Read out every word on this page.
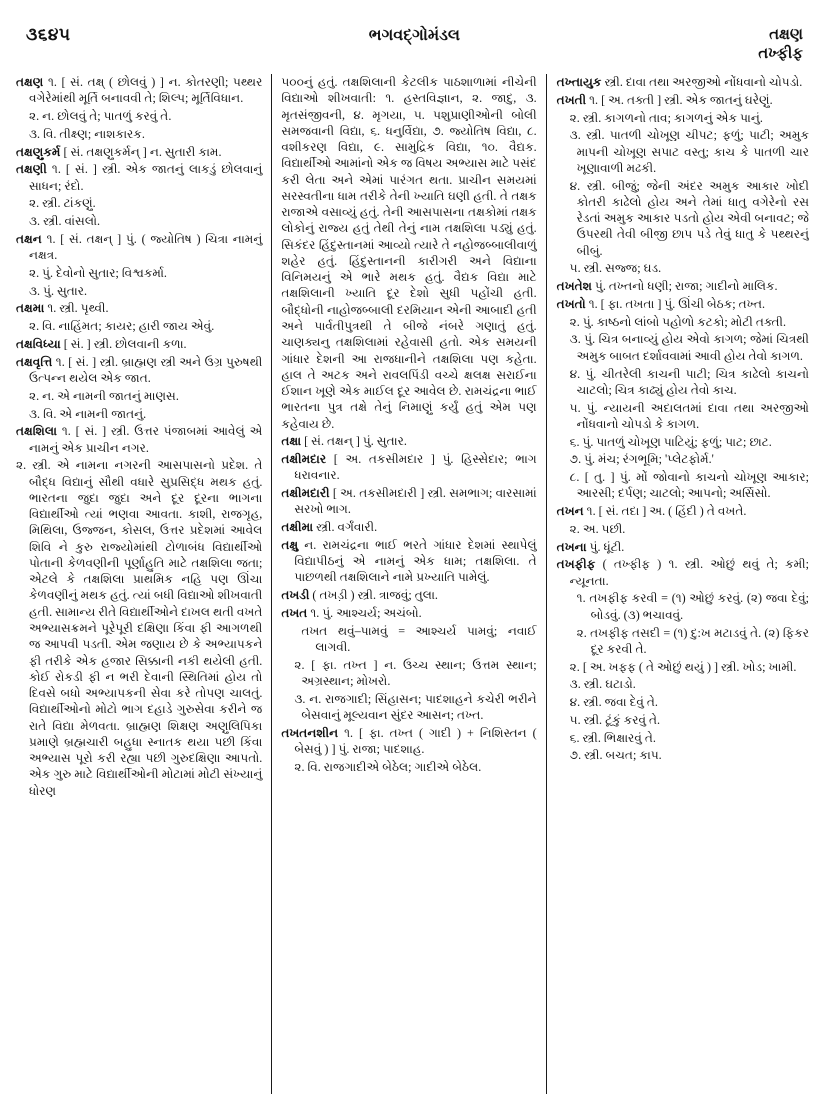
૩૬૪૫	ભગવદ્ગોમંડલ	તક્ષણ
તખ્ફીફ

તક્ષણ ૧. [ સં. તક્ષ્ ( છોલવું ) ] ન. કોતરણી; પથ્થર વગેરેમાંથી મૂર્તિ બનાવવી તે; શિલ્પ; મૂર્તિવિધાન.

૨. ન. છોલવું તે; પાતળું કરવું તે.

૩. વિ. તીક્ષ્ણ; નાશકારક.

તક્ષણુકર્મ [ સં. તક્ષણુકર્મન્ ] ન. સુતારી કામ.

તક્ષણી ૧. [ સં. ] સ્ત્રી. એક જાતનું લાકડું છોલવાનું સાધન; રંદો.

૨. સ્ત્રી. ટાંકણું.

૩. સ્ત્રી. વાંસલો.

તક્ષન ૧. [ સં. તક્ષન્ ] પું. ( જ્યોતિષ ) ચિત્રા નામનું નક્ષત્ર.

૨. પું. દેવોનો સુતાર; વિશ્વકર્મા.

૩. પું. સુતાર.

તક્ષમા ૧. સ્ત્રી. પૃથ્વી.

૨. વિ. નાહિંમત; કાયર; હારી જાય એવું.

તક્ષવિધ્યા [ સં. ] સ્ત્રી. છોલવાની કળા.

તક્ષવૃત્તિ ૧. [ સં. ] સ્ત્રી. બ્રાહ્મણ સ્ત્રી અને ઉગ્ર પુરુષથી ઉત્પન્ન થયેલ એક જાત.

૨. ન. એ નામની જાતનું માણસ.

૩. વિ. એ નામની જાતનું.

તક્ષશિલા ૧. [ સં. ] સ્ત્રી. ઉત્તર પંજાબમાં આવેલું એ નામનું એક પ્રાચીન નગર.

૨. સ્ત્રી. એ નામના નગરની આસપાસનો પ્રદેશ. તે બૌદ્ધ વિદ્યાનું સૌથી વધારે સુપ્રસિદ્ધ મથક હતું. ભારતના જુદા જુદા અને દૂર દૂરના ભાગના વિદ્યાર્થીઓ ત્યાં ભણવા આવતા. કાશી, રાજગૃહ, મિથિલા, ઉજ્જન, કોસલ, ઉત્તર પ્રદેશમાં આવેલ શિવિ ને કુરુ રાજ્યોમાંથી ટોળાબંધ વિદ્યાર્થીઓ પોતાની કેળવણીની પૂર્ણાહુતિ માટે તક્ષશિલા જતા; એટલે કે તક્ષશિલા પ્રાથમિક નહિ પણ ઊંચા કેળવણીનું મથક હતું. ત્યાં બધી વિદ્યાઓ શીખવાતી હતી. સામાન્ય રીતે વિદ્યાર્થીઓને દાખલ થતી વખતે અભ્યાસક્રમને પૂરેપૂરી દક્ષિણા કિંવા ફી આગળથી જ આપવી પડતી. એમ જણાય છે કે અભ્યાપકને ફી તરીકે એક હજાર સિક્કાની નકી થયેલી હતી. કોઈ રોકડી ફી ન ભરી દેવાની સ્થિતિમાં હોય તો દિવસે બધો અભ્યાપકની સેવા કરે તોપણ ચાલતું. વિદ્યાર્થીઓનો મોટો ભાગ દહાડે ગુરુસેવા કરીને જ રાતે વિદ્યા મેળવતા. બ્રાહ્મણ શિક્ષણ અણુલિપિકા પ્રમાણે બ્રહ્મચારી બહુધા સ્નાતક થયા પછી કિંવા અભ્યાસ પૂરો કરી રહ્યા પછી ગુરુદક્ષિણા આપતો. એક ગુરુ માટે વિદ્યાર્થીઓની મોટામાં મોટી સંખ્યાનું ધોરણ

૫૦૦નું હતું. તક્ષશિલાની કેટલીક પાઠશાળામાં નીચેની વિદ્યાઓ શીખવાતી: ૧. હસ્તવિજ્ઞાન, ૨. જાદુ, ૩. મૃતસંજીવની, ૪. મૃગયા, ૫. પશુપ્રાણીઓની બોલી સમજવાની વિદ્યા, ૬. ધનુર્વિદ્યા, ૭. જ્યોતિષ વિદ્યા, ૮. વશીકરણ વિદ્યા, ૯. સામુદ્રિક વિદ્યા, ૧૦. વૈદ્યક. વિદ્યાર્થીઓ આમાંનો એક જ વિષય અભ્યાસ માટે પસંદ કરી લેતા અને એમાં પારંગત થતા. પ્રાચીન સમયમાં સરસ્વતીના ધામ તરીકે તેની ખ્યાતિ ઘણી હતી. તે તક્ષક રાજાએ વસાવ્યું હતું. તેની આસપાસના તક્ષકોમાં તક્ષક લોકોનું રાજ્ય હતું તેથી તેનું નામ તક્ષશિલા પડ્યું હતું. સિકંદર હિંદુસ્તાનમાં આવ્યો ત્યારે તે નહોજબ્બાલીવાળું શહેર હતું. હિંદુસ્તાનની કારીગરી અને વિદ્યાના વિનિમયનું એ ભારે મથક હતું. વૈદ્યક વિદ્યા માટે તક્ષશિલાની ખ્યાતિ દૂર દેશો સુધી પહોંચી હતી. બૌદ્ધોની નાહોજબ્બાલી દરમિયાન એની આબાદી હતી અને પાર્વતીપુત્રથી તે બીજે નંબરે ગણાતું હતું. ચાણક્યનુ તક્ષશિલામાં રહેવાસી હતો. એક સમયની ગાંધાર દેશની આ રાજધાનીને તક્ષશિલા પણ કહેતા. હાલ તે અટક અને રાવલપિંડી વચ્ચે ક્ષલક્ષ સરાઈના ઈશાન ખૂણે એક માઈલ દૂર આવેલ છે. રામચંદ્રના ભાઈ ભારતના પુત્ર તક્ષે તેનું નિમાણું કર્યું હતું એમ પણ કહેવાય છે.

તક્ષા [ સં. તક્ષન્ ] પું. સુતાર.

તક્ષીમદાર [ અ. તકસીમદાર ] પું. હિસ્સેદાર; ભાગ ધરાવનાર.

તક્ષીમદારી [ અ. તકસીમદારી ] સ્ત્રી. સમભાગ; વારસામાં સરખો ભાગ.

તક્ષીમા સ્ત્રી. વર્ગંવારી.

તક્ષુ ન. રામચંદ્રના ભાઈ ભરતે ગાંધાર દેશમાં સ્થાપેલું વિદ્યાપીઠનું એ નામનું એક ધામ; તક્ષશિલા. તે પાછળથી તક્ષશિલાને નામે પ્રખ્યાતિ પામેલું.

તખડી ( તખડ઼ી ) સ્ત્રી. ત્રાજવું; તુલા.

તખત ૧. પું. આશ્ચર્ય; અચંબો.

તખત થવું–પામવું = આશ્ચર્ય પામવું; નવાઈ લાગવી.

૨. [ ફા. તખ્ત ] ન. ઉચ્ચ સ્થાન; ઉત્તમ સ્થાન; અગ્રસ્થાન; મોખરો.

૩. ન. રાજગાદી; સિંહાસન; પાદશાહને કચેરી ભરીને બેસવાનું મૂલ્યવાન સુંદર આસન; તખ્ત.

તખતનશીન ૧. [ ફા. તખ્ત ( ગાદી ) + નિશિસ્તન ( બેસવું ) ] પું. રાજા; પાદશાહ.

૨. વિ. રાજગાદીએ બેઠેલ; ગાદીએ બેઠેલ.

તખ્તાયુક સ્ત્રી. દાવા તથા અરજીઓ નોંધવાનો ચોપડો.

તખતી ૧. [ અ. તક્તી ] સ્ત્રી. એક જાતનું ઘરેણું.

૨. સ્ત્રી. કાગળનો તાવ; કાગળનું એક પાનું.

૩. સ્ત્રી. પાતળી ચોખૂણ ચીપટ; ફળું; પાટી; અમુક માપની ચોખૂણ સપાટ વસ્તુ; કાચ કે પાતળી ચાર ખૂણાવાળી મઢકી.

૪. સ્ત્રી. બીજું; જેની અંદર અમુક આકાર ખોદી કોતરી કાઢેલો હોય અને તેમાં ધાતુ વગેરેનો રસ રેડતાં અમુક આકાર પડતો હોય એવી બનાવટ; જે ઉપરથી તેવી બીજી છાપ પડે તેવું ધાતુ કે પથ્થરનું બીબું.

૫. સ્ત્રી. સજ્જ; ઘડ.

તખતેશ પું. તખ્તનો ધણી; રાજા; ગાદીનો માલિક.

તખતો ૧. [ ફા. તખતા ] પું. ઊંચી બેઠક; તખ્ત.

૨. પું. કાષ્ઠનો લાંબો પહોળો કટકો; મોટી તક્તી.

૩. પું. ચિત્ર બનાવ્યું હોય એવો કાગળ; જેમાં ચિત્રથી અમુક બાબત દર્શાવવામાં આવી હોય તેવો કાગળ.

૪. પું. ચીતરેલી કાચની પાટી; ચિત્ર કાઢેલો કાચનો ચાટલો; ચિત્ર કાઢ્યું હોય તેવો કાચ.

૫. પું. ન્યાયની અદાલતમાં દાવા તથા અરજીઓ નોંધવાનો ચોપડો કે કાગળ.

૬. પું. પાતળું ચોખૂણ પાટિયું; ફળું; પાટ; છાટ.

૭. પું. મંચ; રંગભૂમિ; 'પ્લેટફોર્મ.'

૮. [ તુ. ] પું. મોં જોવાનો કાચનો ચોખૂણ આકાર; આરસી; દર્પણ; ચાટલો; આપનો; અર્સિસો.

તખન ૧. [ સં. તદા ] અ. ( હિંદી ) તે વખતે.

૨. અ. પછી.

તખના પું. ધૂંટી.

તખફીફ ( તખ્ફીફ ) ૧. સ્ત્રી. ઓછું થવું તે; કમી; ન્યૂનતા.

૧. તખફીફ કરવી = (૧) ઓછું કરવું. (૨) જવા દેવું; બોડવું. (૩) ભચાવવું.

૨. તખફીફ તસદી = (૧) દુ:ખ મટાડવું તે. (૨) ફિકર દૂર કરવી તે.

૨. [ અ. ખફફ ( તે ઓછું થયું ) ] સ્ત્રી. ખોડ; ખામી.

૩. સ્ત્રી. ઘટાડો.

૪. સ્ત્રી. જવા દેવું તે.

૫. સ્ત્રી. ટૂંકું કરવું તે.

૬. સ્ત્રી. ભિક્ષારવું તે.

૭. સ્ત્રી. બચત; કાપ.
